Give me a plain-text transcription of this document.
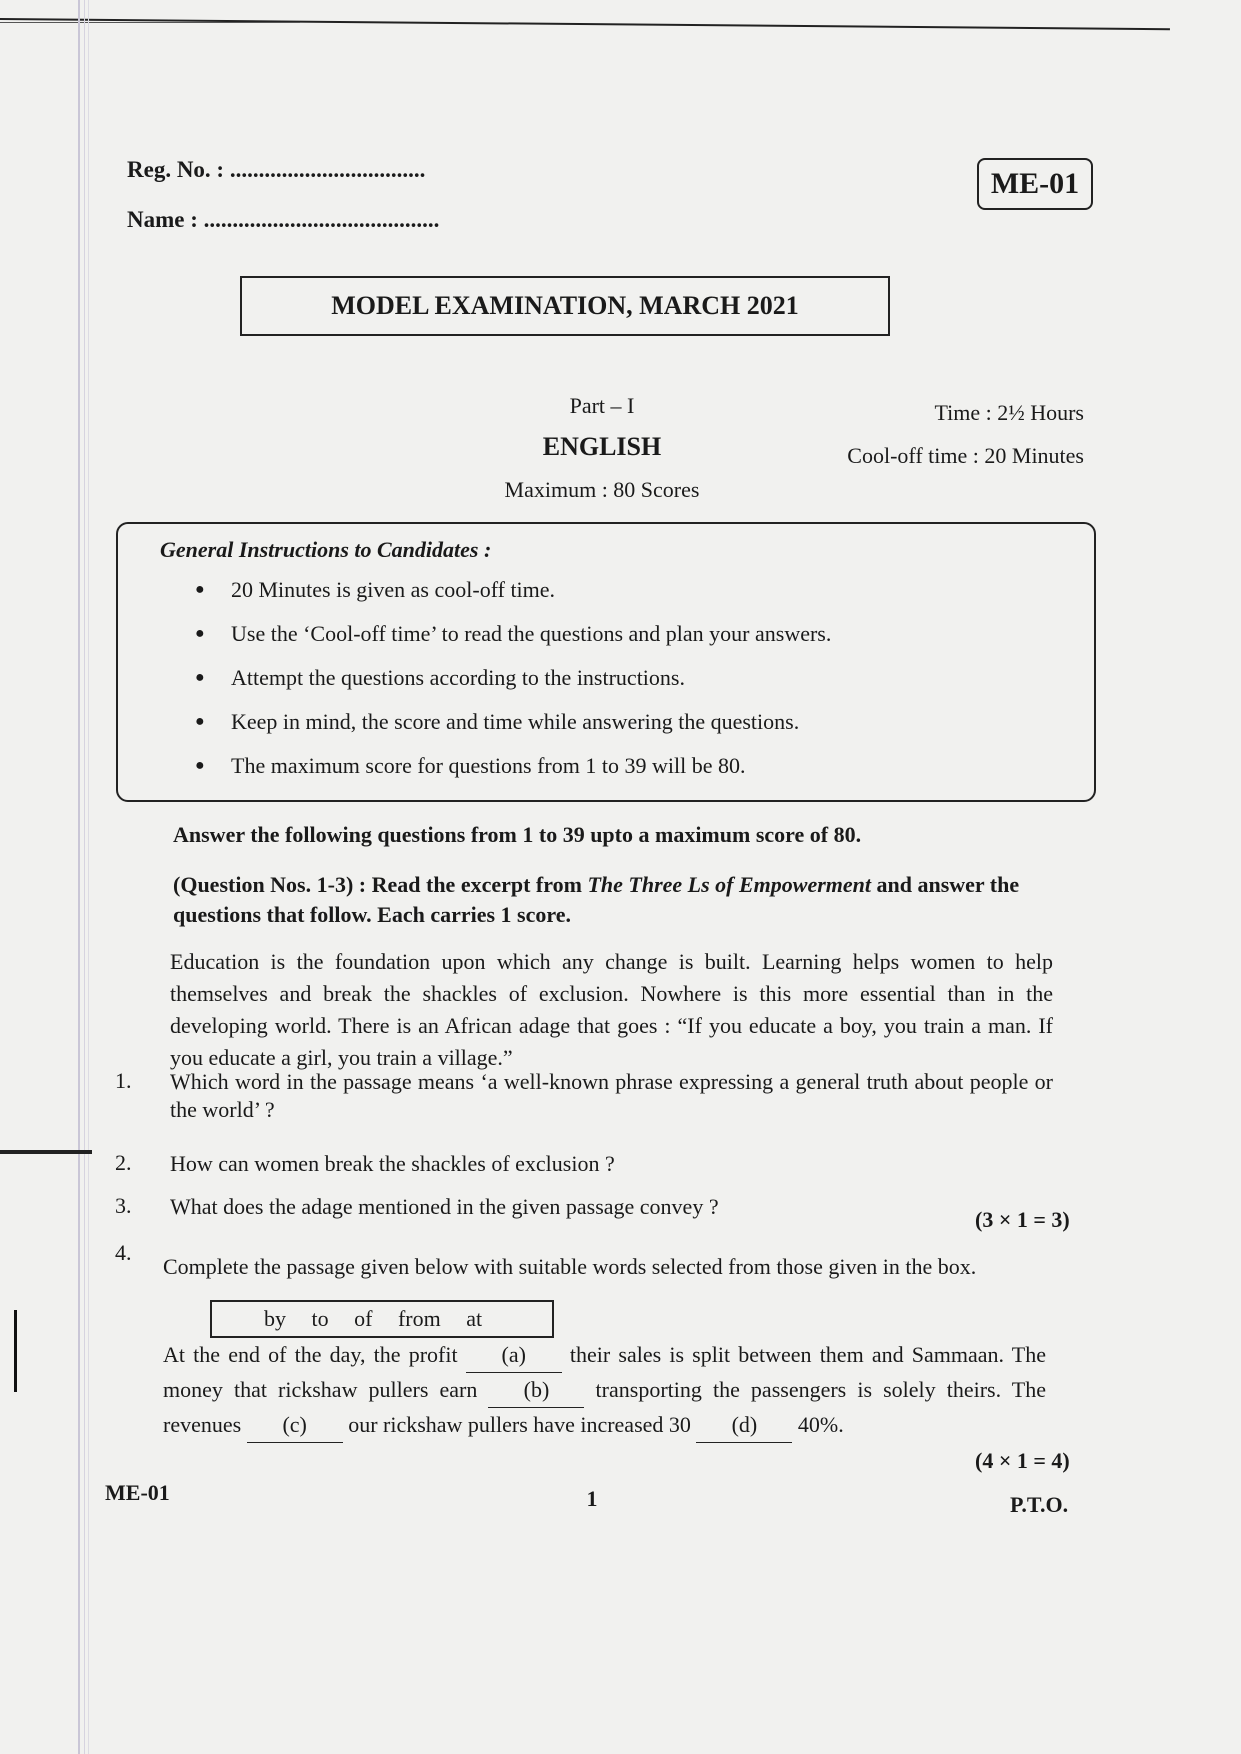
Reg. No. : ..................................
Name : .........................................
ME-01
MODEL EXAMINATION, MARCH 2021
Part – I
ENGLISH
Maximum : 80 Scores
Time : 2½ Hours
Cool-off time : 20 Minutes
General Instructions to Candidates :
● 20 Minutes is given as cool-off time.
● Use the ‘Cool-off time’ to read the questions and plan your answers.
● Attempt the questions according to the instructions.
● Keep in mind, the score and time while answering the questions.
● The maximum score for questions from 1 to 39 will be 80.
Answer the following questions from 1 to 39 upto a maximum score of 80.
(Question Nos. 1-3) : Read the excerpt from The Three Ls of Empowerment and answer the questions that follow. Each carries 1 score.
Education is the foundation upon which any change is built. Learning helps women to help themselves and break the shackles of exclusion. Nowhere is this more essential than in the developing world. There is an African adage that goes : “If you educate a boy, you train a man. If you educate a girl, you train a village.”
1. Which word in the passage means ‘a well-known phrase expressing a general truth about people or the world’ ?
2. How can women break the shackles of exclusion ?
3. What does the adage mentioned in the given passage convey ?
(3 × 1 = 3)
4.
Complete the passage given below with suitable words selected from those given in the box.
by to of from at
At the end of the day, the profit (a) their sales is split between them and Sammaan. The money that rickshaw pullers earn (b) transporting the passengers is solely theirs. The revenues (c) our rickshaw pullers have increased 30 (d) 40%.
(4 × 1 = 4)
ME-01	1	P.T.O.
